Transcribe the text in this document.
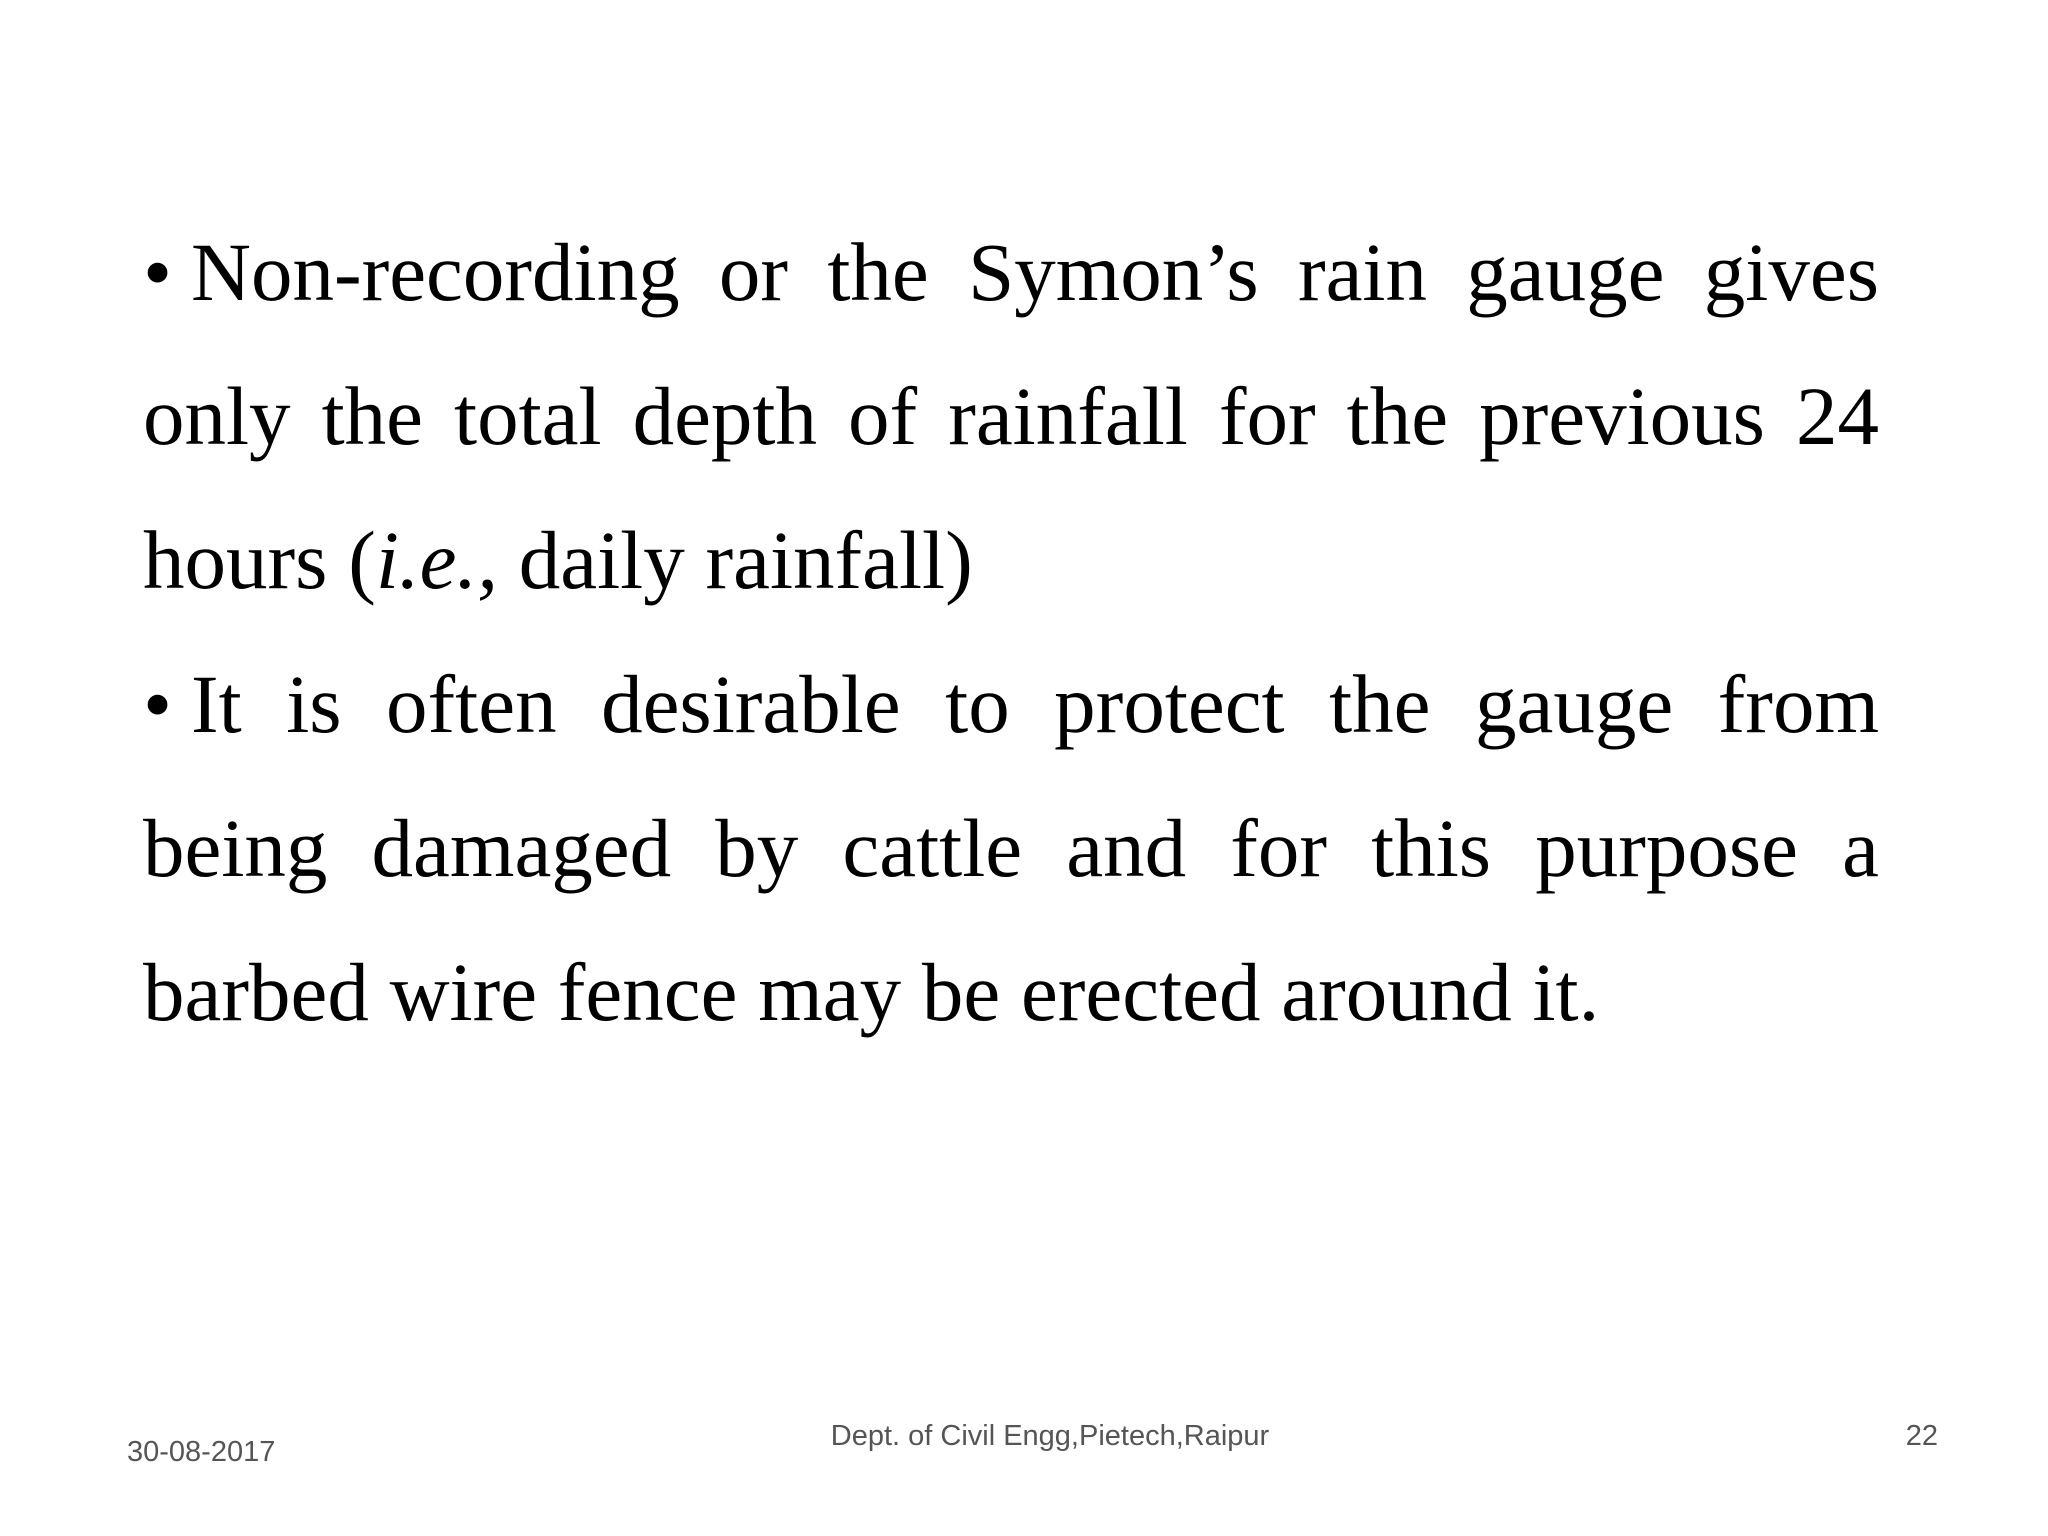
• Non-recording or the Symon’s rain gauge gives only the total depth of rainfall for the previous 24 hours (i.e., daily rainfall)

• It is often desirable to protect the gauge from being damaged by cattle and for this purpose a barbed wire fence may be erected around it.

30-08-2017	Dept. of Civil Engg,Pietech,Raipur	22
